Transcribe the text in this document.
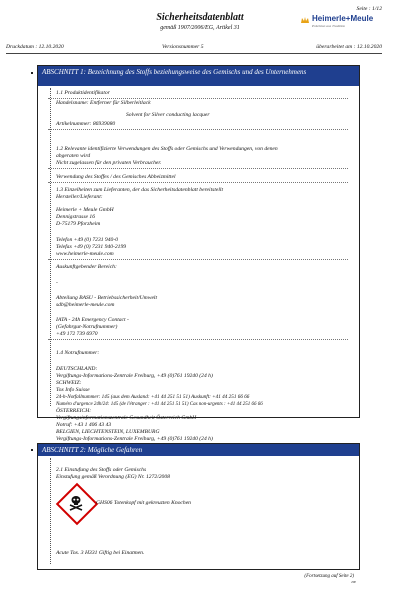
Seite : 1/12
Sicherheitsdatenblatt
gemäß 1907/2006/EG, Artikel 31
Heimerle+Meule
Präzision aus Tradition
Druckdatum : 12.10.2020	Versionsnummer 5	überarbeitet am : 12.10.2020
ABSCHNITT 1: Bezeichnung des Stoffs beziehungsweise des Gemischs und des Unternehmens
1.1 Produktidentifikator
Handelsname: Entferner für Silberleitlack
Solvent for Silver conducting lacquer
Artikelnummer: 86939080
1.2 Relevante identifizierte Verwendungen des Stoffs oder Gemischs und Verwendungen, von denen
abgeraten wird
Nicht zugelassen für den privaten Verbraucher.
Verwendung des Stoffes / des Gemisches Abbeizmittel
1.3 Einzelheiten zum Lieferanten, der das Sicherheitsdatenblatt bereitstellt
Hersteller/Lieferant:
Heimerle + Meule GmbH
Dennigstrasse 16
D-75179 Pforzheim
Telefon +49 (0) 7231 940-0
Telefax +49 (0) 7231 940-2199
www.heimerle-meule.com
Auskunftgebender Bereich:
-
Abteilung BASU - Betriebssicherheit/Umwelt
sdb@heimerle-meule.com
IATA - 24h Emergency Contact -
(Gefahrgut-Notrufnummer)
+49 172 739 6970
1.4 Notrufnummer:
DEUTSCHLAND:
Vergiftungs-Informations-Zentrale Freiburg, +49 (0)761 19240 (24 h)
SCHWEIZ:
Tox Info Suisse
24-h-Notfallnummer: 145 (aus dem Ausland: +41 44 251 51 51) Auskunft: +41 44 251 66 66
Numéro d'urgence 24h/24: 145 (de l'étranger : +41 44 251 51 51) Cas non-urgents : +41 44 251 66 66
ÖSTERREICH:
Vergiftungsinformationszentrale Gesundheit Österreich GmbH
Notruf: +43 1 406 43 43
BELGIEN, LIECHTENSTEIN, LUXEMBURG
Vergiftungs-Informations-Zentrale Freiburg, +49 (0)761 19240 (24 h)
ABSCHNITT 2: Mögliche Gefahren
2.1 Einstufung des Stoffs oder Gemischs
Einstufung gemäß Verordnung (EG) Nr. 1272/2008
GHS06 Totenkopf mit gekreuzten Knochen
Acute Tox. 3 H331 Giftig bei Einatmen.
(Fortsetzung auf Seite 2)
DE
